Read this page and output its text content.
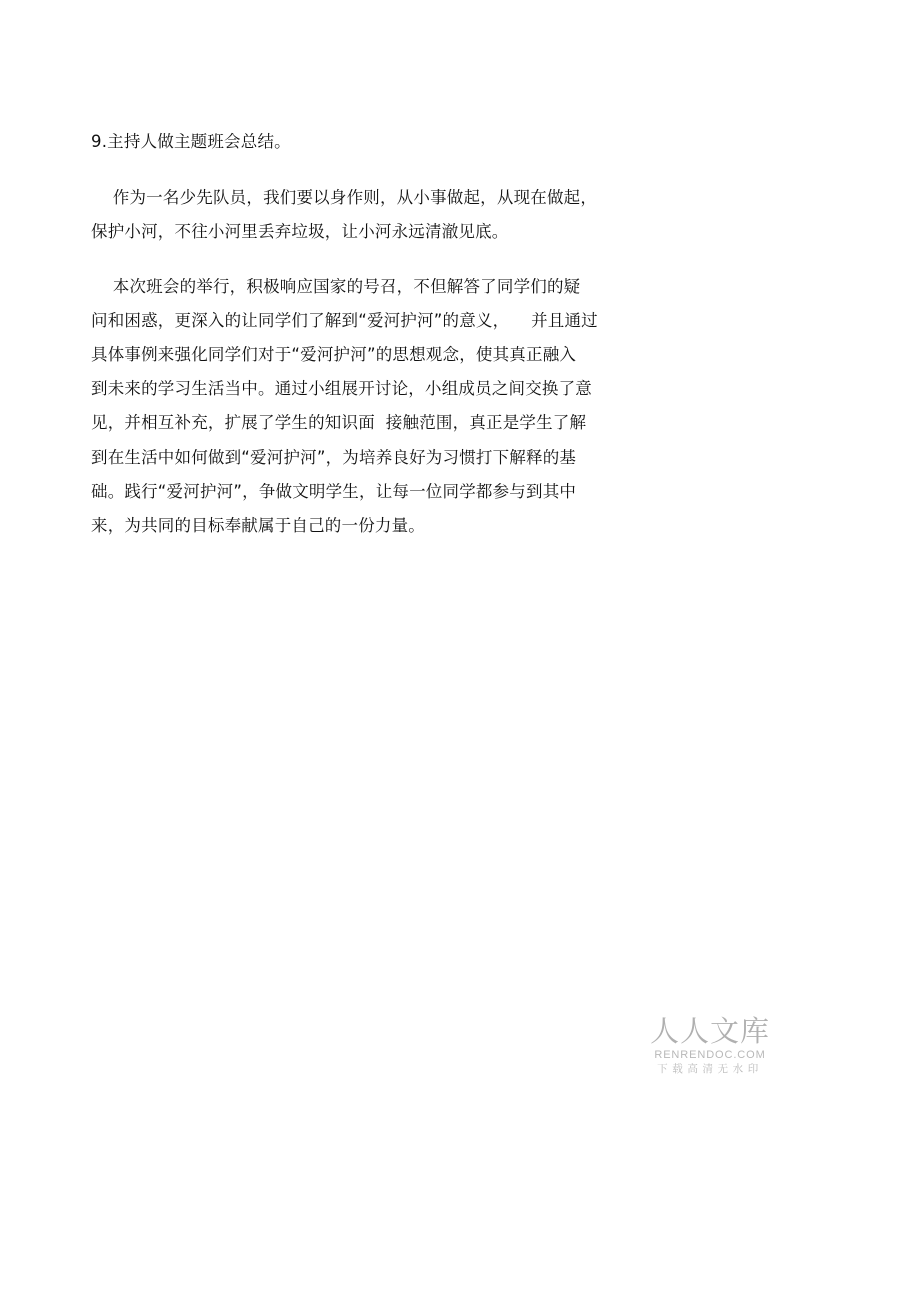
9.主持人做主题班会总结。
作为一名少先队员，我们要以身作则，从小事做起，从现在做起，
保护小河，不往小河里丢弃垃圾，让小河永远清澈见底。
本次班会的举行，积极响应国家的号召，不但解答了同学们的疑
问和困惑，更深入的让同学们了解到“爱河护河”的意义，    并且通过
具体事例来强化同学们对于“爱河护河”的思想观念，使其真正融入
到未来的学习生活当中。通过小组展开讨论，小组成员之间交换了意
见，并相互补充，扩展了学生的知识面  接触范围，真正是学生了解
到在生活中如何做到“爱河护河”，为培养良好为习惯打下解释的基
础。践行“爱河护河”，争做文明学生，让每一位同学都参与到其中
来，为共同的目标奉献属于自己的一份力量。
人人文库
RENRENDOC.COM
下载高清无水印
